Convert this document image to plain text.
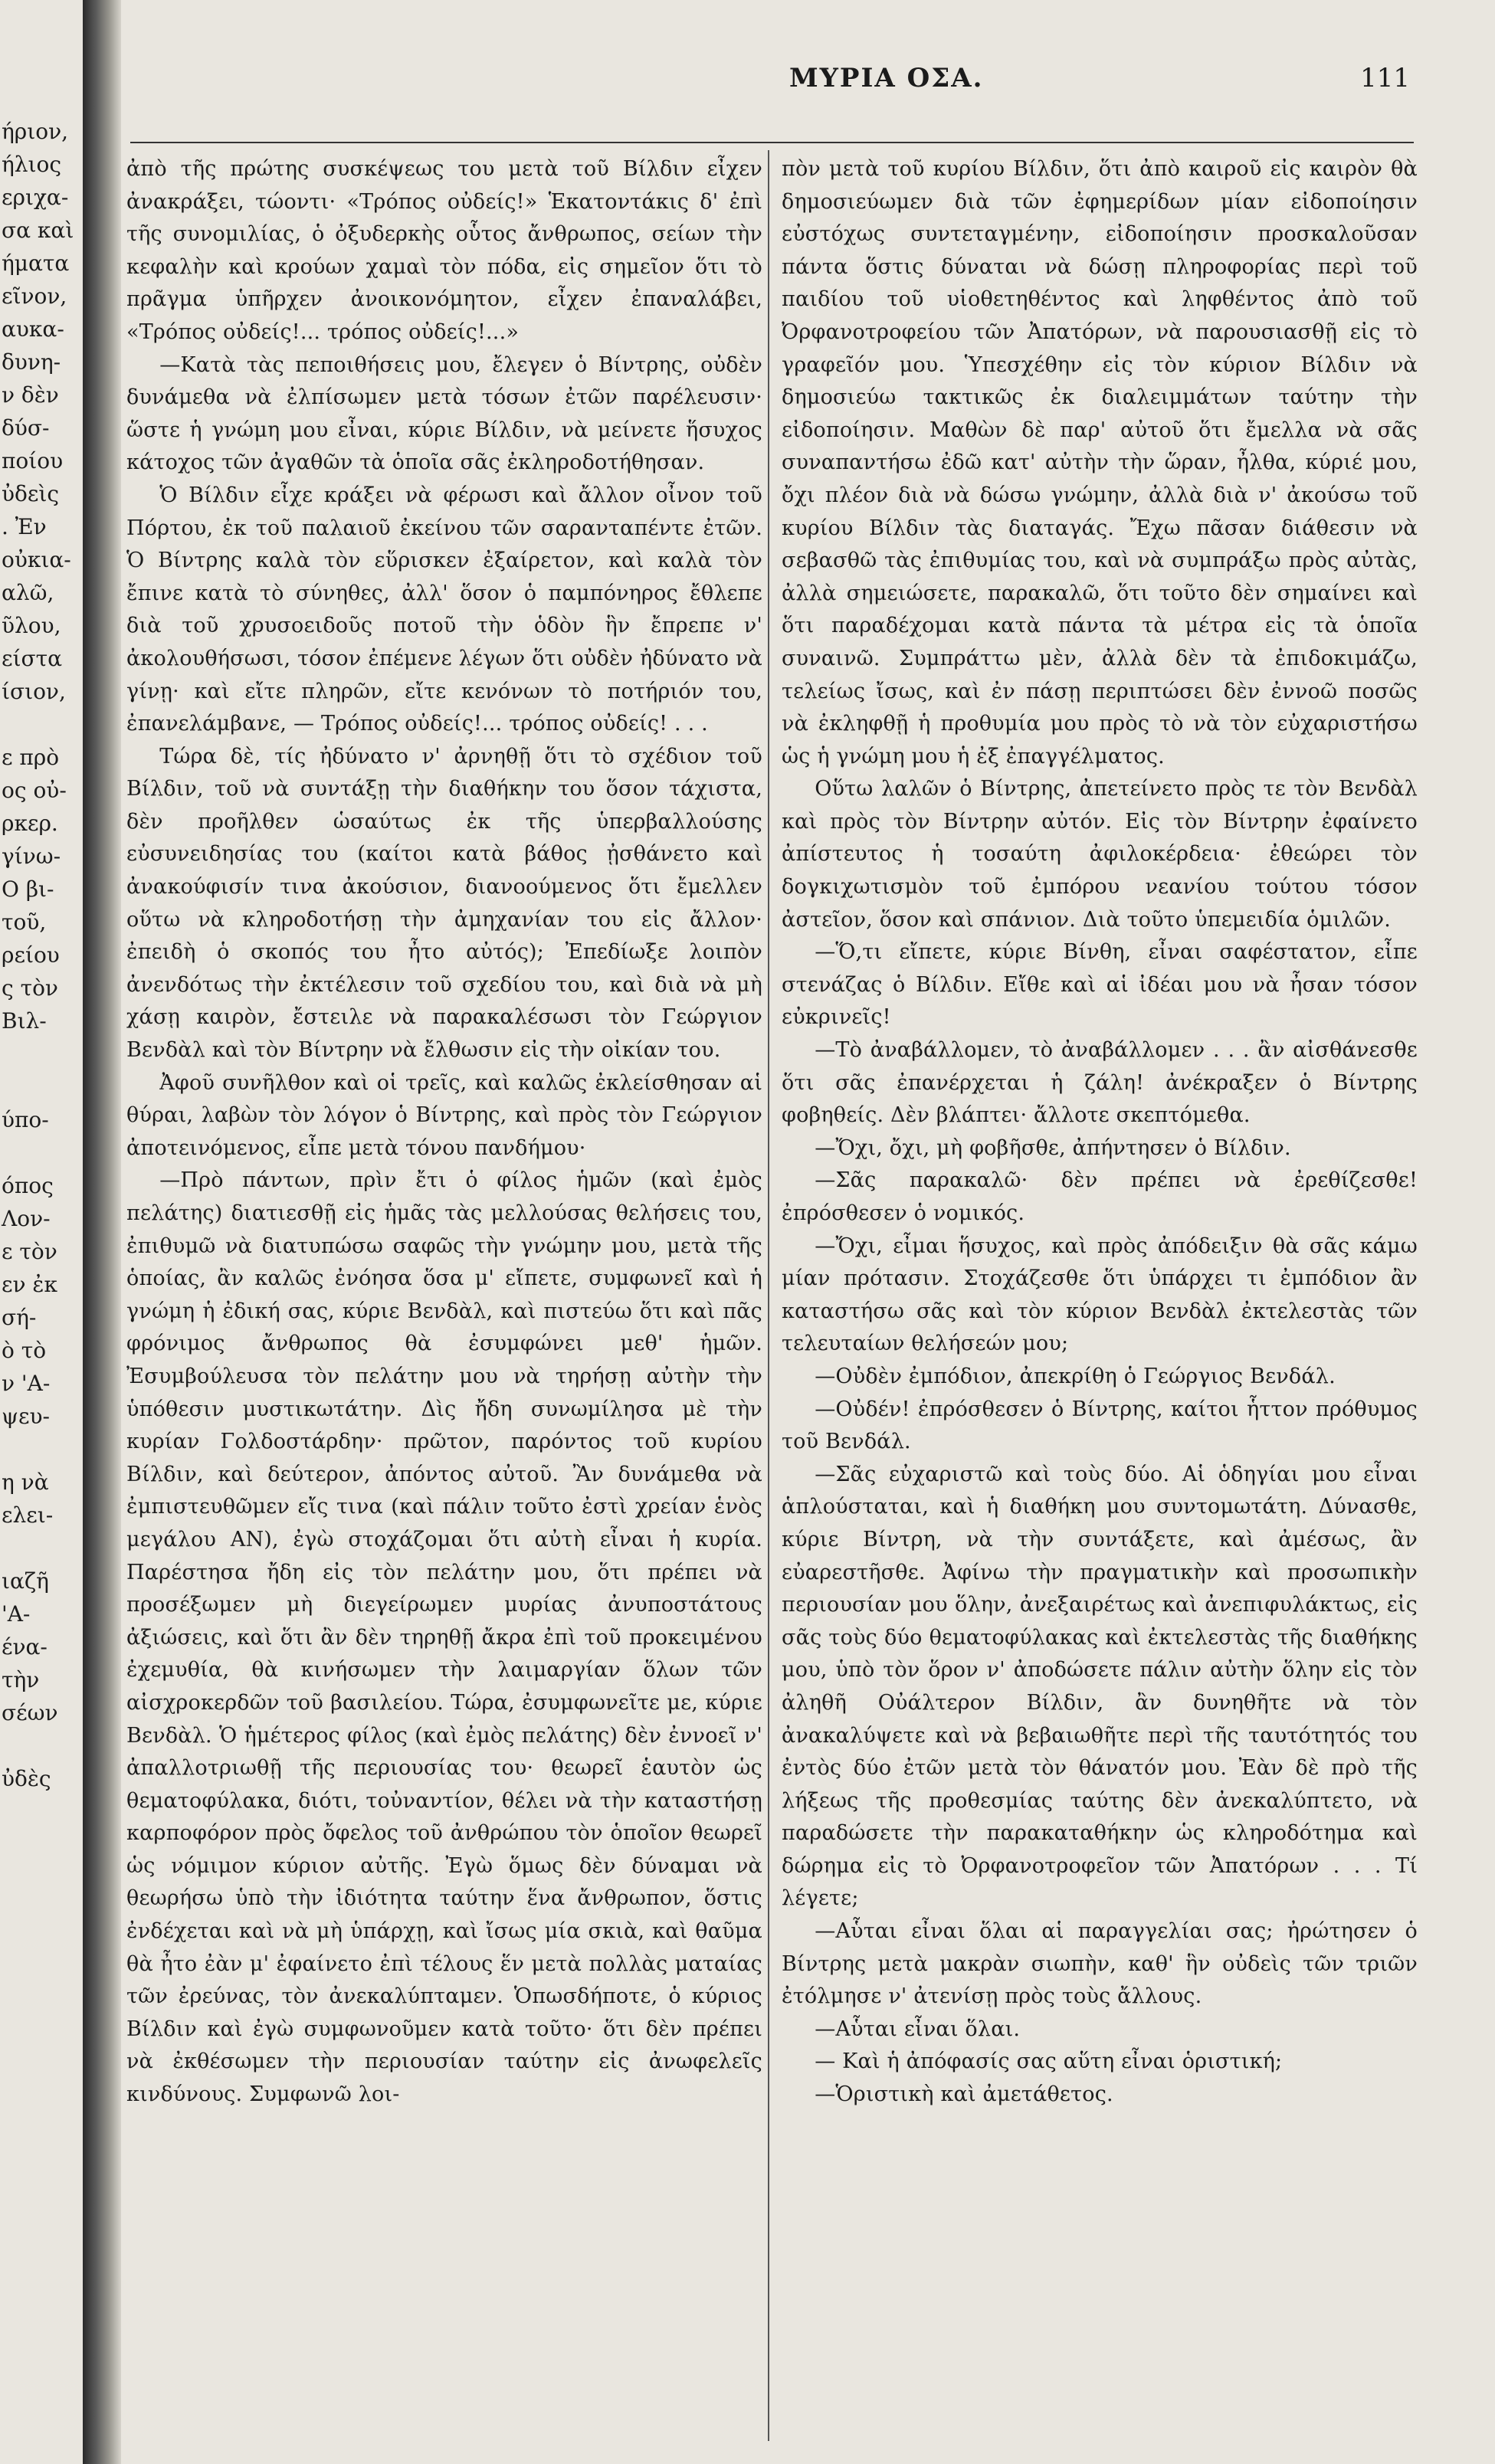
ήριον,
ήλιος
εριχα-
σα καὶ
ήματα
εῖνον,
αυκα-
δυνη-
ν δὲν
δύσ-
ποίου
ὐδεὶς
. Ἐν
οὐκια-
αλῶ,
ῦλου,
είστα
ίσιον,
ε πρὸ
ος οὐ-
ρκερ.
γίνω-
Ο βι-
τοῦ,
ρείου
ς τὸν
Βιλ-
ύπο-
όπος
Λον-
ε τὸν
εν ἐκ
σή-
ὸ τὸ
ν 'Α-
ψευ-
η νὰ
ελει-
ιαζῆ
'Α-
ένα-
τὴν
σέων
ὐδὲς
ΜΥΡΙΑ ΟΣΑ.	111

ἀπὸ τῆς πρώτης συσκέψεως του μετὰ τοῦ Βίλδιν εἶχεν ἀνακράξει, τώοντι· «Τρόπος οὐδείς!» Ἑκατοντάκις δ' ἐπὶ τῆς συνομιλίας, ὁ ὀξυδερκὴς οὗτος ἄνθρωπος, σείων τὴν κεφαλὴν καὶ κρούων χαμαὶ τὸν πόδα, εἰς σημεῖον ὅτι τὸ πρᾶγμα ὑπῆρχεν ἀνοικονόμητον, εἶχεν ἐπαναλάβει, «Τρόπος οὐδείς!... τρόπος οὐδείς!...»

—Κατὰ τὰς πεποιθήσεις μου, ἔλεγεν ὁ Βίντρης, οὐδὲν δυνάμεθα νὰ ἐλπίσωμεν μετὰ τόσων ἐτῶν παρέλευσιν· ὥστε ἡ γνώμη μου εἶναι, κύριε Βίλδιν, νὰ μείνετε ἥσυχος κάτοχος τῶν ἀγαθῶν τὰ ὁποῖα σᾶς ἐκληροδοτήθησαν.

Ὁ Βίλδιν εἶχε κράξει νὰ φέρωσι καὶ ἄλλον οἶνον τοῦ Πόρτου, ἐκ τοῦ παλαιοῦ ἐκείνου τῶν σαρανταπέντε ἐτῶν. Ὁ Βίντρης καλὰ τὸν εὕρισκεν ἐξαίρετον, καὶ καλὰ τὸν ἔπινε κατὰ τὸ σύνηθες, ἀλλ' ὅσον ὁ παμπόνηρος ἔθλεπε διὰ τοῦ χρυσοειδοῦς ποτοῦ τὴν ὁδὸν ἣν ἔπρεπε ν' ἀκολουθήσωσι, τόσον ἐπέμενε λέγων ὅτι οὐδὲν ἠδύνατο νὰ γίνῃ· καὶ εἴτε πληρῶν, εἴτε κενόνων τὸ ποτήριόν του, ἐπανελάμβανε, — Τρόπος οὐδείς!... τρόπος οὐδείς! . . .

Τώρα δὲ, τίς ἠδύνατο ν' ἀρνηθῇ ὅτι τὸ σχέδιον τοῦ Βίλδιν, τοῦ νὰ συντάξῃ τὴν διαθήκην του ὅσον τάχιστα, δὲν προῆλθεν ὡσαύτως ἐκ τῆς ὑπερβαλλούσης εὐσυνειδησίας του (καίτοι κατὰ βάθος ᾐσθάνετο καὶ ἀνακούφισίν τινα ἀκούσιον, διανοούμενος ὅτι ἔμελλεν οὕτω νὰ κληροδοτήσῃ τὴν ἀμηχανίαν του εἰς ἄλλον· ἐπειδὴ ὁ σκοπός του ἦτο αὐτός); Ἐπεδίωξε λοιπὸν ἀνενδότως τὴν ἐκτέλεσιν τοῦ σχεδίου του, καὶ διὰ νὰ μὴ χάσῃ καιρὸν, ἔστειλε νὰ παρακαλέσωσι τὸν Γεώργιον Βενδὰλ καὶ τὸν Βίντρην νὰ ἔλθωσιν εἰς τὴν οἰκίαν του.

Ἀφοῦ συνῆλθον καὶ οἱ τρεῖς, καὶ καλῶς ἐκλείσθησαν αἱ θύραι, λαβὼν τὸν λόγον ὁ Βίντρης, καὶ πρὸς τὸν Γεώργιον ἀποτεινόμενος, εἶπε μετὰ τόνου πανδήμου·

—Πρὸ πάντων, πρὶν ἔτι ὁ φίλος ἡμῶν (καὶ ἐμὸς πελάτης) διατιεσθῇ εἰς ἡμᾶς τὰς μελλούσας θελήσεις του, ἐπιθυμῶ νὰ διατυπώσω σαφῶς τὴν γνώμην μου, μετὰ τῆς ὁποίας, ἂν καλῶς ἐνόησα ὅσα μ' εἴπετε, συμφωνεῖ καὶ ἡ γνώμη ἡ ἐδική σας, κύριε Βενδὰλ, καὶ πιστεύω ὅτι καὶ πᾶς φρόνιμος ἄνθρωπος θὰ ἐσυμφώνει μεθ' ἡμῶν. Ἐσυμβούλευσα τὸν πελάτην μου νὰ τηρήσῃ αὐτὴν τὴν ὑπόθεσιν μυστικωτάτην. Δὶς ἤδη συνωμίλησα μὲ τὴν κυρίαν Γολδοστάρδην· πρῶτον, παρόντος τοῦ κυρίου Βίλδιν, καὶ δεύτερον, ἀπόντος αὐτοῦ. Ἂν δυνάμεθα νὰ ἐμπιστευθῶμεν εἴς τινα (καὶ πάλιν τοῦτο ἐστὶ χρείαν ἑνὸς μεγάλου ΑΝ), ἐγὼ στοχάζομαι ὅτι αὐτὴ εἶναι ἡ κυρία. Παρέστησα ἤδη εἰς τὸν πελάτην μου, ὅτι πρέπει νὰ προσέξωμεν μὴ διεγείρωμεν μυρίας ἀνυποστάτους ἀξιώσεις, καὶ ὅτι ἂν δὲν τηρηθῇ ἄκρα ἐπὶ τοῦ προκειμένου ἐχεμυθία, θὰ κινήσωμεν τὴν λαιμαργίαν ὅλων τῶν αἰσχροκερδῶν τοῦ βασιλείου. Τώρα, ἐσυμφωνεῖτε με, κύριε Βενδὰλ. Ὁ ἡμέτερος φίλος (καὶ ἐμὸς πελάτης) δὲν ἐννοεῖ ν' ἀπαλλοτριωθῇ τῆς περιουσίας του· θεωρεῖ ἑαυτὸν ὡς θεματοφύλακα, διότι, τοὐναντίον, θέλει νὰ τὴν καταστήσῃ καρποφόρον πρὸς ὄφελος τοῦ ἀνθρώπου τὸν ὁποῖον θεωρεῖ ὡς νόμιμον κύριον αὐτῆς. Ἐγὼ ὅμως δὲν δύναμαι νὰ θεωρήσω ὑπὸ τὴν ἰδιότητα ταύτην ἕνα ἄνθρωπον, ὅστις ἐνδέχεται καὶ νὰ μὴ ὑπάρχῃ, καὶ ἴσως μία σκιὰ, καὶ θαῦμα θὰ ἦτο ἐὰν μ' ἐφαίνετο ἐπὶ τέλους ἕν μετὰ πολλὰς ματαίας τῶν ἐρεύνας, τὸν ἀνεκαλύπταμεν. Ὁπωσδήποτε, ὁ κύριος Βίλδιν καὶ ἐγὼ συμφωνοῦμεν κατὰ τοῦτο· ὅτι δὲν πρέπει νὰ ἐκθέσωμεν τὴν περιουσίαν ταύτην εἰς ἀνωφελεῖς κινδύνους. Συμφωνῶ λοι-

πὸν μετὰ τοῦ κυρίου Βίλδιν, ὅτι ἀπὸ καιροῦ εἰς καιρὸν θὰ δημοσιεύωμεν διὰ τῶν ἐφημερίδων μίαν εἰδοποίησιν εὐστόχως συντεταγμένην, εἰδοποίησιν προσκαλοῦσαν πάντα ὅστις δύναται νὰ δώσῃ πληροφορίας περὶ τοῦ παιδίου τοῦ υἱοθετηθέντος καὶ ληφθέντος ἀπὸ τοῦ Ὀρφανοτροφείου τῶν Ἀπατόρων, νὰ παρουσιασθῇ εἰς τὸ γραφεῖόν μου. Ὑπεσχέθην εἰς τὸν κύριον Βίλδιν νὰ δημοσιεύω τακτικῶς ἐκ διαλειμμάτων ταύτην τὴν εἰδοποίησιν. Μαθὼν δὲ παρ' αὐτοῦ ὅτι ἔμελλα νὰ σᾶς συναπαντήσω ἐδῶ κατ' αὐτὴν τὴν ὥραν, ἦλθα, κύριέ μου, ὄχι πλέον διὰ νὰ δώσω γνώμην, ἀλλὰ διὰ ν' ἀκούσω τοῦ κυρίου Βίλδιν τὰς διαταγάς. Ἔχω πᾶσαν διάθεσιν νὰ σεβασθῶ τὰς ἐπιθυμίας του, καὶ νὰ συμπράξω πρὸς αὐτὰς, ἀλλὰ σημειώσετε, παρακαλῶ, ὅτι τοῦτο δὲν σημαίνει καὶ ὅτι παραδέχομαι κατὰ πάντα τὰ μέτρα εἰς τὰ ὁποῖα συναινῶ. Συμπράττω μὲν, ἀλλὰ δὲν τὰ ἐπιδοκιμάζω, τελείως ἴσως, καὶ ἐν πάσῃ περιπτώσει δὲν ἐννοῶ ποσῶς νὰ ἐκληφθῇ ἡ προθυμία μου πρὸς τὸ νὰ τὸν εὐχαριστήσω ὡς ἡ γνώμη μου ἡ ἐξ ἐπαγγέλματος.

Οὕτω λαλῶν ὁ Βίντρης, ἀπετείνετο πρὸς τε τὸν Βενδὰλ καὶ πρὸς τὸν Βίντρην αὐτόν. Εἰς τὸν Βίντρην ἐφαίνετο ἀπίστευτος ἡ τοσαύτη ἀφιλοκέρδεια· ἐθεώρει τὸν δογκιχωτισμὸν τοῦ ἐμπόρου νεανίου τούτου τόσον ἀστεῖον, ὅσον καὶ σπάνιον. Διὰ τοῦτο ὑπεμειδία ὁμιλῶν.

—Ὅ,τι εἴπετε, κύριε Βίνθη, εἶναι σαφέστατον, εἶπε στενάζας ὁ Βίλδιν. Εἴθε καὶ αἱ ἰδέαι μου νὰ ἦσαν τόσον εὐκρινεῖς!

—Τὸ ἀναβάλλομεν, τὸ ἀναβάλλομεν . . . ἂν αἰσθάνεσθε ὅτι σᾶς ἐπανέρχεται ἡ ζάλη! ἀνέκραξεν ὁ Βίντρης φοβηθείς. Δὲν βλάπτει· ἄλλοτε σκεπτόμεθα.

—Ὄχι, ὄχι, μὴ φοβῆσθε, ἀπήντησεν ὁ Βίλδιν.

—Σᾶς παρακαλῶ· δὲν πρέπει νὰ ἐρεθίζεσθε! ἐπρόσθεσεν ὁ νομικός.

—Ὄχι, εἶμαι ἥσυχος, καὶ πρὸς ἀπόδειξιν θὰ σᾶς κάμω μίαν πρότασιν. Στοχάζεσθε ὅτι ὑπάρχει τι ἐμπόδιον ἂν καταστήσω σᾶς καὶ τὸν κύριον Βενδὰλ ἐκτελεστὰς τῶν τελευταίων θελήσεών μου;

—Οὐδὲν ἐμπόδιον, ἀπεκρίθη ὁ Γεώργιος Βενδάλ.

—Οὐδέν! ἐπρόσθεσεν ὁ Βίντρης, καίτοι ἧττον πρόθυμος τοῦ Βενδάλ.

—Σᾶς εὐχαριστῶ καὶ τοὺς δύο. Αἱ ὁδηγίαι μου εἶναι ἁπλούσταται, καὶ ἡ διαθήκη μου συντομωτάτη. Δύνασθε, κύριε Βίντρη, νὰ τὴν συντάξετε, καὶ ἀμέσως, ἂν εὐαρεστῆσθε. Ἀφίνω τὴν πραγματικὴν καὶ προσωπικὴν περιουσίαν μου ὅλην, ἀνεξαιρέτως καὶ ἀνεπιφυλάκτως, εἰς σᾶς τοὺς δύο θεματοφύλακας καὶ ἐκτελεστὰς τῆς διαθήκης μου, ὑπὸ τὸν ὅρον ν' ἀποδώσετε πάλιν αὐτὴν ὅλην εἰς τὸν ἀληθῆ Οὐάλτερον Βίλδιν, ἂν δυνηθῆτε νὰ τὸν ἀνακαλύψετε καὶ νὰ βεβαιωθῆτε περὶ τῆς ταυτότητός του ἐντὸς δύο ἐτῶν μετὰ τὸν θάνατόν μου. Ἐὰν δὲ πρὸ τῆς λήξεως τῆς προθεσμίας ταύτης δὲν ἀνεκαλύπτετο, νὰ παραδώσετε τὴν παρακαταθήκην ὡς κληροδότημα καὶ δώρημα εἰς τὸ Ὀρφανοτροφεῖον τῶν Ἀπατόρων . . . Τί λέγετε;

—Αὗται εἶναι ὅλαι αἱ παραγγελίαι σας; ἠρώτησεν ὁ Βίντρης μετὰ μακρὰν σιωπὴν, καθ' ἣν οὐδεὶς τῶν τριῶν ἐτόλμησε ν' ἀτενίσῃ πρὸς τοὺς ἄλλους.

—Αὗται εἶναι ὅλαι.

— Καὶ ἡ ἀπόφασίς σας αὕτη εἶναι ὁριστική;

—Ὁριστικὴ καὶ ἀμετάθετος.
